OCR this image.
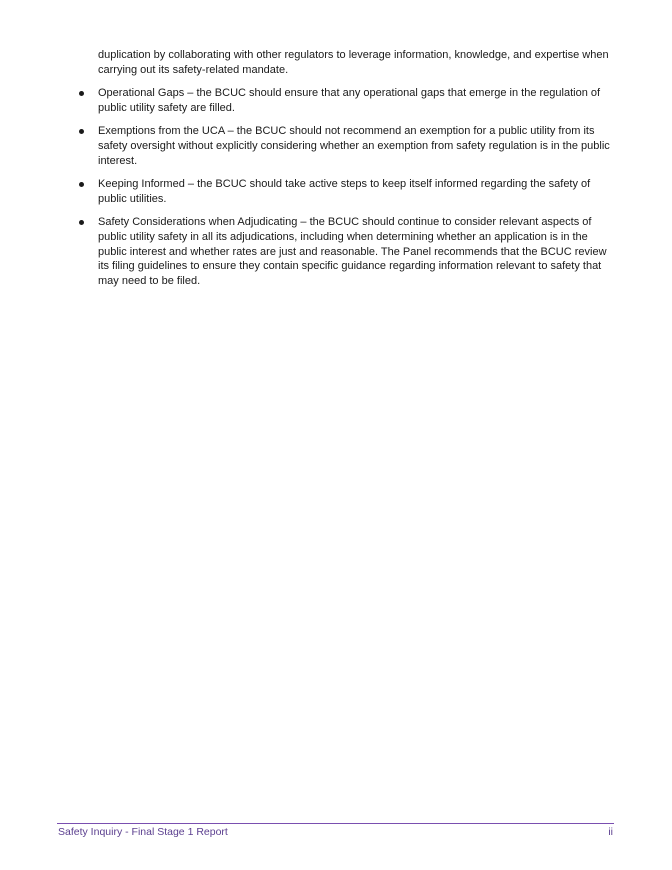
duplication by collaborating with other regulators to leverage information, knowledge, and expertise when carrying out its safety-related mandate.

Operational Gaps – the BCUC should ensure that any operational gaps that emerge in the regulation of public utility safety are filled.
Exemptions from the UCA – the BCUC should not recommend an exemption for a public utility from its safety oversight without explicitly considering whether an exemption from safety regulation is in the public interest.
Keeping Informed – the BCUC should take active steps to keep itself informed regarding the safety of public utilities.
Safety Considerations when Adjudicating – the BCUC should continue to consider relevant aspects of public utility safety in all its adjudications, including when determining whether an application is in the public interest and whether rates are just and reasonable. The Panel recommends that the BCUC review its filing guidelines to ensure they contain specific guidance regarding information relevant to safety that may need to be filed.
Safety Inquiry - Final Stage 1 Report	ii
